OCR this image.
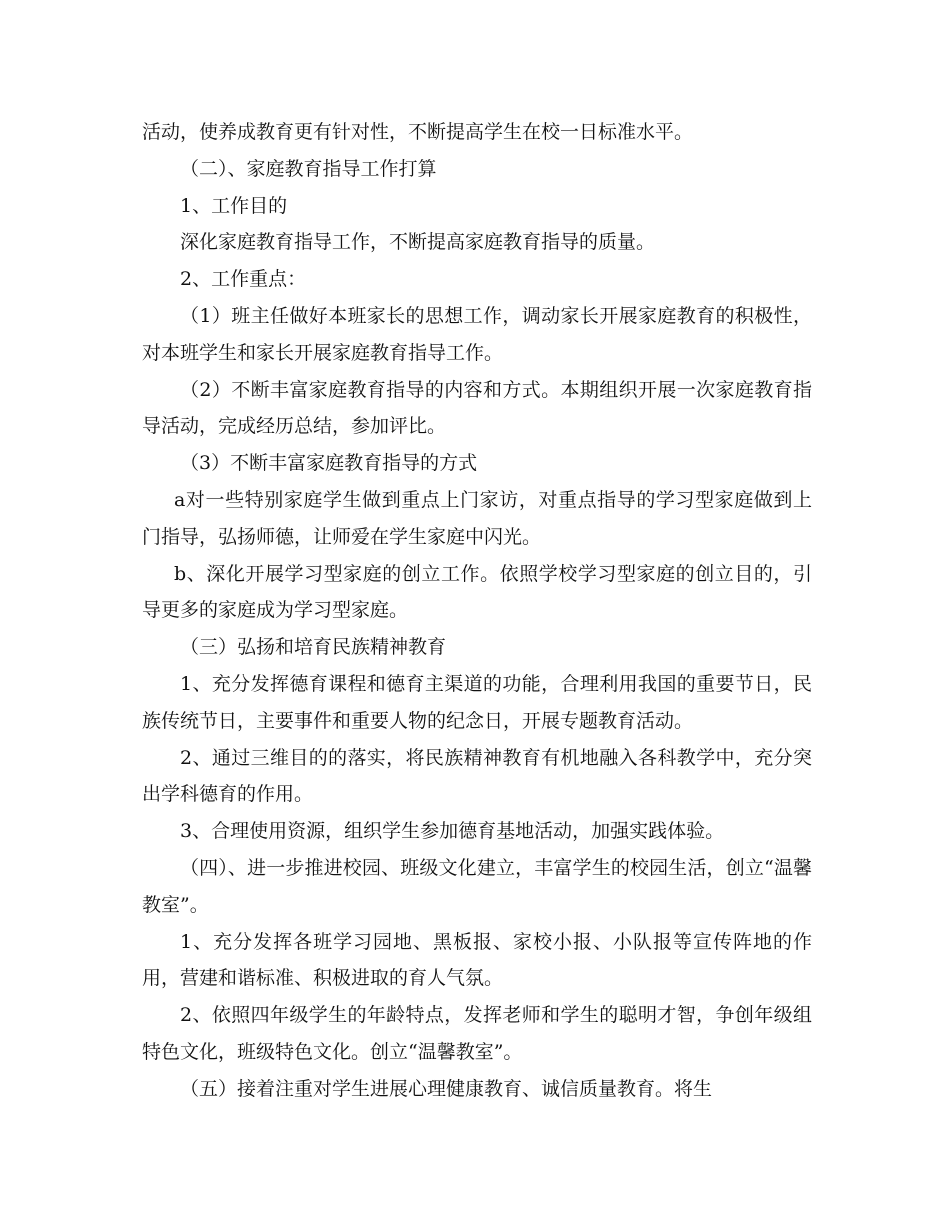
活动，使养成教育更有针对性，不断提高学生在校一日标准水平。

（二）、家庭教育指导工作打算

1、工作目的

深化家庭教育指导工作，不断提高家庭教育指导的质量。

2、工作重点：

（1）班主任做好本班家长的思想工作，调动家长开展家庭教育的积极性，对本班学生和家长开展家庭教育指导工作。

（2）不断丰富家庭教育指导的内容和方式。本期组织开展一次家庭教育指导活动，完成经历总结，参加评比。

（3）不断丰富家庭教育指导的方式

a对一些特别家庭学生做到重点上门家访，对重点指导的学习型家庭做到上门指导，弘扬师德，让师爱在学生家庭中闪光。

b、深化开展学习型家庭的创立工作。依照学校学习型家庭的创立目的，引导更多的家庭成为学习型家庭。

（三）弘扬和培育民族精神教育

1、充分发挥德育课程和德育主渠道的功能，合理利用我国的重要节日，民族传统节日，主要事件和重要人物的纪念日，开展专题教育活动。

2、通过三维目的的落实，将民族精神教育有机地融入各科教学中，充分突出学科德育的作用。

3、合理使用资源，组织学生参加德育基地活动，加强实践体验。

（四）、进一步推进校园、班级文化建立，丰富学生的校园生活，创立“温馨教室”。

1、充分发挥各班学习园地、黑板报、家校小报、小队报等宣传阵地的作用，营建和谐标准、积极进取的育人气氛。

2、依照四年级学生的年龄特点，发挥老师和学生的聪明才智，争创年级组特色文化，班级特色文化。创立“温馨教室”。

（五）接着注重对学生进展心理健康教育、诚信质量教育。将生
